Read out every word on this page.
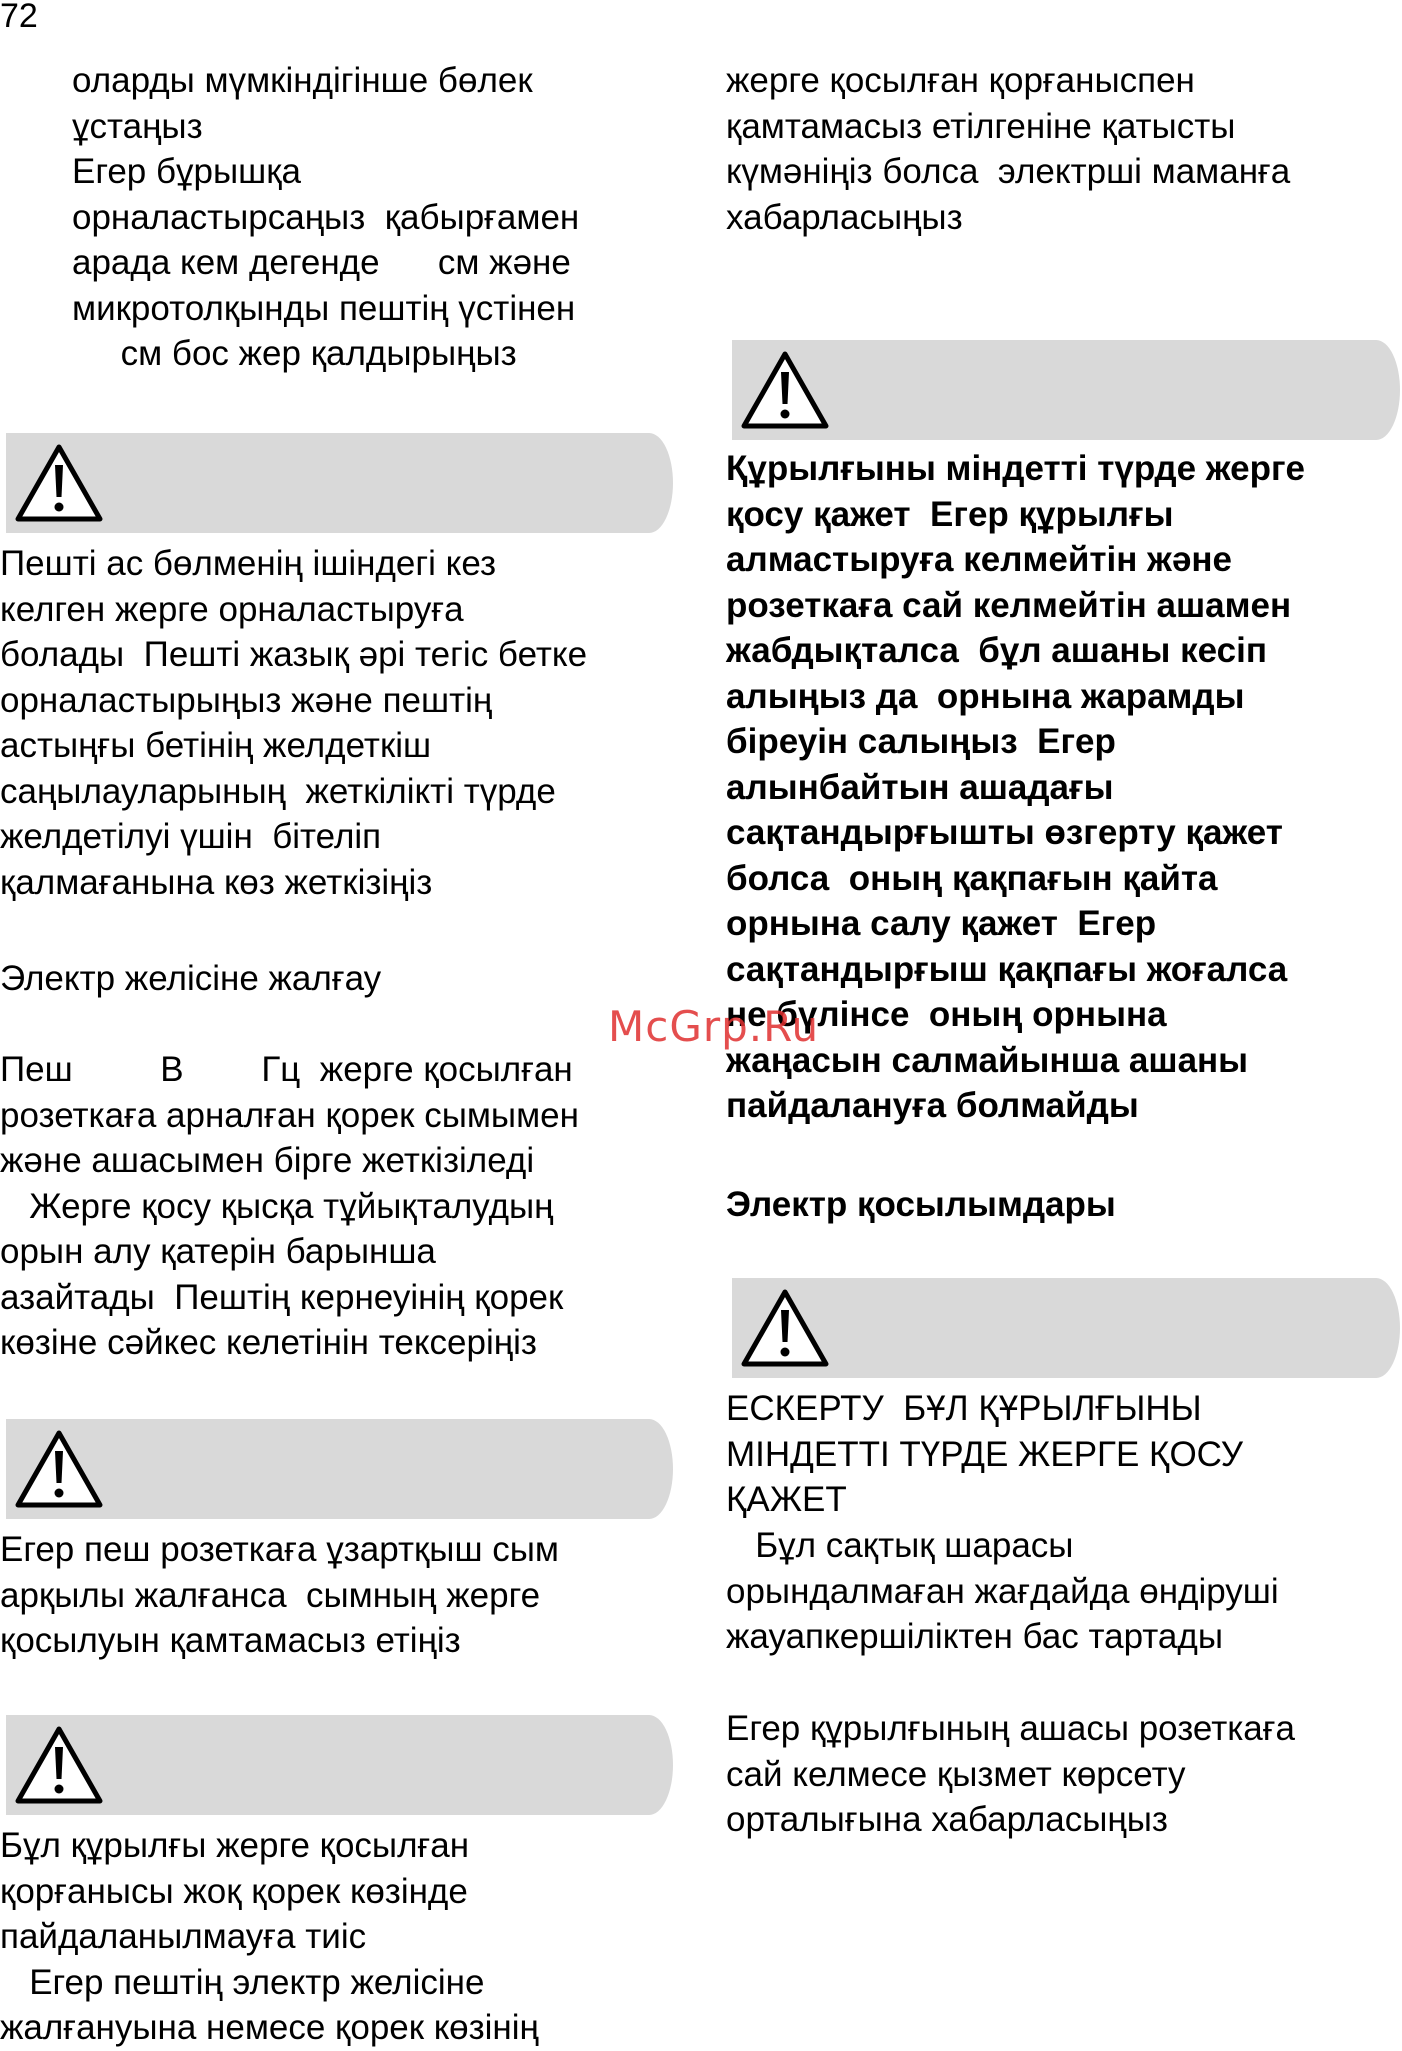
72
оларды мүмкіндігінше бөлек
ұстаңыз
Егер бұрышқа
орналастырсаңыз  қабырғамен
арада кем дегенде      см және
микротолқынды пештің үстінен
см бос жер қалдырыңыз
Пешті ас бөлменің ішіндегі кез
келген жерге орналастыруға
болады  Пешті жазық әрі тегіс бетке
орналастырыңыз және пештің
астыңғы бетінің желдеткіш
саңылауларының  жеткілікті түрде
желдетілуі үшін  бітеліп
қалмағанына көз жеткізіңіз
Электр желісіне жалғау
Пеш         В        Гц  жерге қосылған
розеткаға арналған қорек сымымен
және ашасымен бірге жеткізіледі
Жерге қосу қысқа тұйықталудың
орын алу қатерін барынша
азайтады  Пештің кернеуінің қорек
көзіне сәйкес келетінін тексеріңіз
Егер пеш розеткаға ұзартқыш сым
арқылы жалғанса  сымның жерге
қосылуын қамтамасыз етіңіз
Бұл құрылғы жерге қосылған
қорғанысы жоқ қорек көзінде
пайдаланылмауға тиіс
Егер пештің электр желісіне
жалғануына немесе қорек көзінің
жерге қосылған қорғаныспен
қамтамасыз етілгеніне қатысты
күмәніңіз болса  электрші маманға
хабарласыңыз
Құрылғыны міндетті түрде жерге
қосу қажет  Егер құрылғы
алмастыруға келмейтін және
розеткаға сай келмейтін ашамен
жабдықталса  бұл ашаны кесіп
алыңыз да  орнына жарамды
біреуін салыңыз  Егер
алынбайтын ашадағы
сақтандырғышты өзгерту қажет
болса  оның қақпағын қайта
орнына салу қажет  Егер
сақтандырғыш қақпағы жоғалса
не бүлінсе  оның орнына
жаңасын салмайынша ашаны
пайдалануға болмайды
Электр қосылымдары
ЕСКЕРТУ  БҰЛ ҚҰРЫЛҒЫНЫ
МІНДЕТТІ ТҮРДЕ ЖЕРГЕ ҚОСУ
ҚАЖЕТ
Бұл сақтық шарасы
орындалмаған жағдайда өндіруші
жауапкершіліктен бас тартады
Егер құрылғының ашасы розеткаға
сай келмесе қызмет көрсету
орталығына хабарласыңыз
McGrp.Ru
